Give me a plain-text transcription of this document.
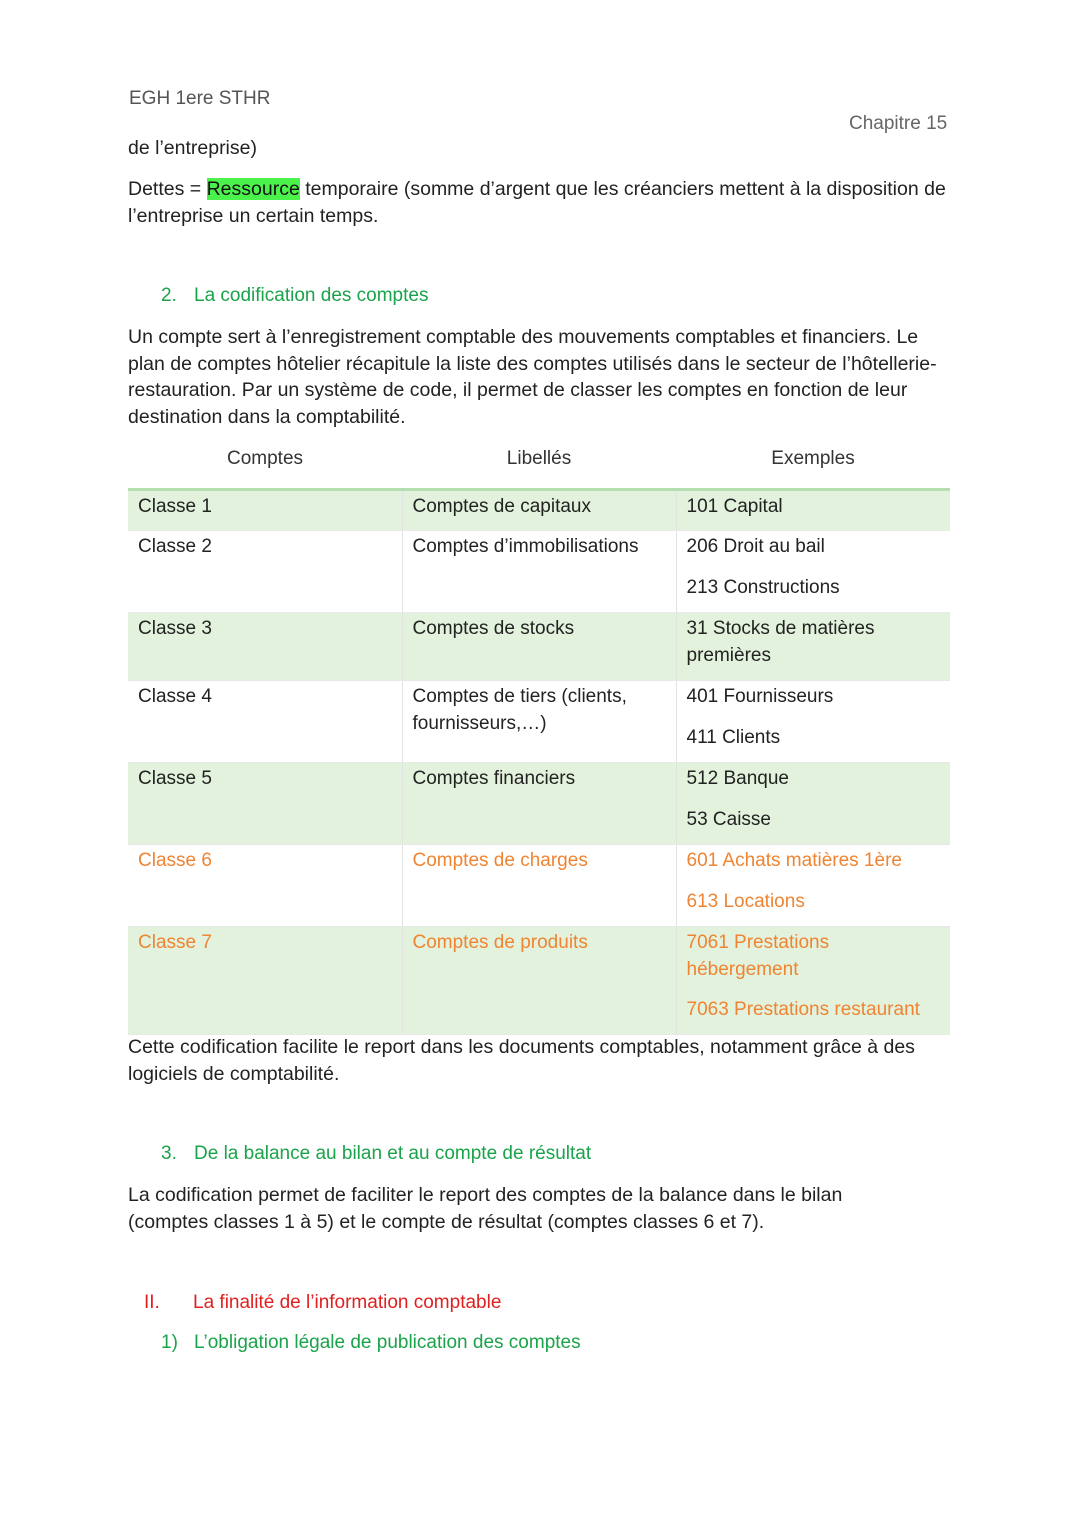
EGH 1ere STHR
Chapitre 15
de l’entreprise)
Dettes = Ressource temporaire (somme d’argent que les créanciers mettent à la disposition de l’entreprise un certain temps.
2. La codification des comptes
Un compte sert à l’enregistrement comptable des mouvements comptables et financiers. Le plan de comptes hôtelier récapitule la liste des comptes utilisés dans le secteur de l’hôtellerie-restauration. Par un système de code, il permet de classer les comptes en fonction de leur destination dans la comptabilité.
Comptes	Libellés	Exemples
Classe 1	Comptes de capitaux	101 Capital

Classe 2	Comptes d’immobilisations	206 Droit au bail
213 Constructions

Classe 3	Comptes de stocks	31 Stocks de matières premières

Classe 4	Comptes de tiers (clients, fournisseurs,…)	401 Fournisseurs
411 Clients

Classe 5	Comptes financiers	512 Banque
53 Caisse

Classe 6	Comptes de charges	601 Achats matières 1ère
613 Locations

Classe 7	Comptes de produits	7061 Prestations hébergement
7063 Prestations restaurant
Cette codification facilite le report dans les documents comptables, notamment grâce à des logiciels de comptabilité.
3. De la balance au bilan et au compte de résultat
La codification permet de faciliter le report des comptes de la balance dans le bilan (comptes classes 1 à 5) et le compte de résultat (comptes classes 6 et 7).
II. La finalité de l’information comptable
1) L’obligation légale de publication des comptes
